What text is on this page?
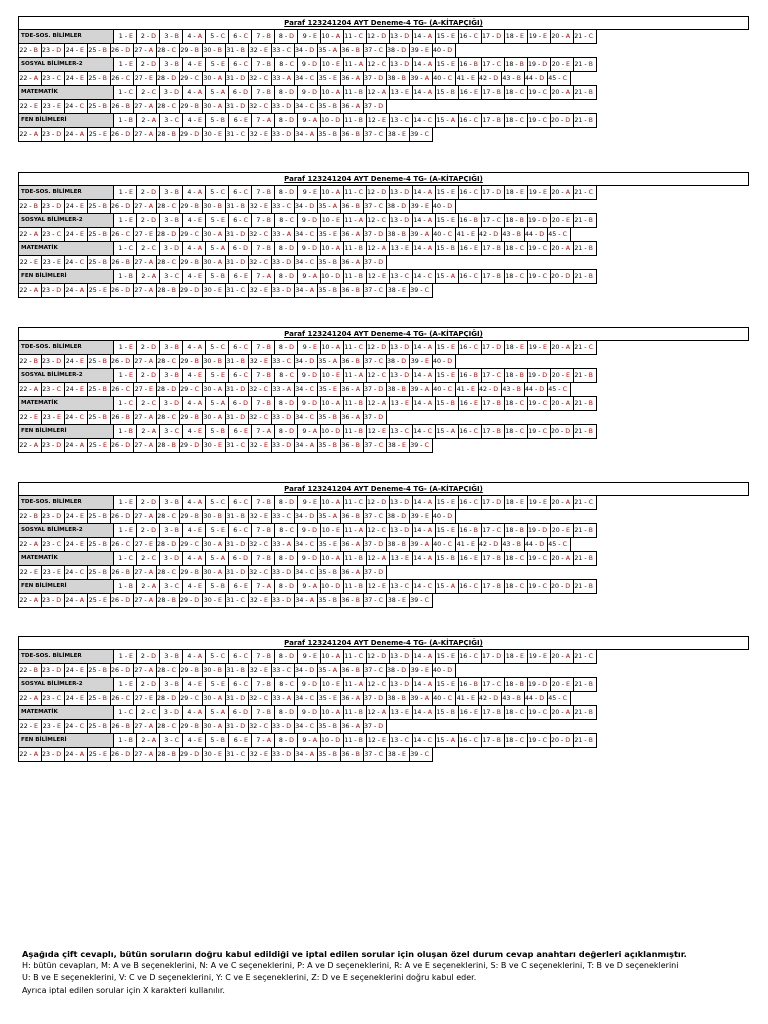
Paraf 123241204 AYT Deneme-4 TG- (A-KİTAPÇIĞI)
TDE-SOS. BİLİMLER	1 - E	2 - D	3 - B	4 - A	5 - C	6 - C	7 - B	8 - D	9 - E 10 - A 11 - C 12 - D 13 - D 14 - A 15 - E 16 - C 17 - D 18 - E 19 - E 20 - A 21 - C
22 - B 23 - D 24 - E 25 - B 26 - D 27 - A 28 - C 29 - B 30 - B 31 - B 32 - E 33 - C 34 - D 35 - A 36 - B 37 - C 38 - D 39 - E 40 - D
SOSYAL BİLİMLER-2	1 - E	2 - D	3 - B	4 - E	5 - E	6 - C	7 - B	8 - C	9 - D 10 - E 11 - A 12 - C 13 - D 14 - A 15 - E 16 - B 17 - C 18 - B 19 - D 20 - E 21 - B
22 - A 23 - C 24 - E 25 - B 26 - C 27 - E 28 - D 29 - C 30 - A 31 - D 32 - C 33 - A 34 - C 35 - E 36 - A 37 - D 38 - B 39 - A 40 - C 41 - E 42 - D 43 - B 44 - D 45 - C
MATEMATİK	1 - C	2 - C	3 - D	4 - A	5 - A	6 - D	7 - B	8 - D	9 - D 10 - A 11 - B 12 - A 13 - E 14 - A 15 - B 16 - E 17 - B 18 - C 19 - C 20 - A 21 - B
22 - E 23 - E 24 - C 25 - B 26 - B 27 - A 28 - C 29 - B 30 - A 31 - D 32 - C 33 - D 34 - C 35 - B 36 - A 37 - D
FEN BİLİMLERİ	1 - B	2 - A	3 - C	4 - E	5 - B	6 - E	7 - A	8 - D	9 - A 10 - D 11 - B 12 - E 13 - C 14 - C 15 - A 16 - C 17 - B 18 - C 19 - C 20 - D 21 - B
22 - A 23 - D 24 - A 25 - E 26 - D 27 - A 28 - B 29 - D 30 - E 31 - C 32 - E 33 - D 34 - A 35 - B 36 - B 37 - C 38 - E 39 - C
Paraf 123241204 AYT Deneme-4 TG- (A-KİTAPÇIĞI)
TDE-SOS. BİLİMLER	1 - E	2 - D	3 - B	4 - A	5 - C	6 - C	7 - B	8 - D	9 - E 10 - A 11 - C 12 - D 13 - D 14 - A 15 - E 16 - C 17 - D 18 - E 19 - E 20 - A 21 - C
22 - B 23 - D 24 - E 25 - B 26 - D 27 - A 28 - C 29 - B 30 - B 31 - B 32 - E 33 - C 34 - D 35 - A 36 - B 37 - C 38 - D 39 - E 40 - D
SOSYAL BİLİMLER-2	1 - E	2 - D	3 - B	4 - E	5 - E	6 - C	7 - B	8 - C	9 - D 10 - E 11 - A 12 - C 13 - D 14 - A 15 - E 16 - B 17 - C 18 - B 19 - D 20 - E 21 - B
22 - A 23 - C 24 - E 25 - B 26 - C 27 - E 28 - D 29 - C 30 - A 31 - D 32 - C 33 - A 34 - C 35 - E 36 - A 37 - D 38 - B 39 - A 40 - C 41 - E 42 - D 43 - B 44 - D 45 - C
MATEMATİK	1 - C	2 - C	3 - D	4 - A	5 - A	6 - D	7 - B	8 - D	9 - D 10 - A 11 - B 12 - A 13 - E 14 - A 15 - B 16 - E 17 - B 18 - C 19 - C 20 - A 21 - B
22 - E 23 - E 24 - C 25 - B 26 - B 27 - A 28 - C 29 - B 30 - A 31 - D 32 - C 33 - D 34 - C 35 - B 36 - A 37 - D
FEN BİLİMLERİ	1 - B	2 - A	3 - C	4 - E	5 - B	6 - E	7 - A	8 - D	9 - A 10 - D 11 - B 12 - E 13 - C 14 - C 15 - A 16 - C 17 - B 18 - C 19 - C 20 - D 21 - B
22 - A 23 - D 24 - A 25 - E 26 - D 27 - A 28 - B 29 - D 30 - E 31 - C 32 - E 33 - D 34 - A 35 - B 36 - B 37 - C 38 - E 39 - C
Paraf 123241204 AYT Deneme-4 TG- (A-KİTAPÇIĞI)
TDE-SOS. BİLİMLER	1 - E	2 - D	3 - B	4 - A	5 - C	6 - C	7 - B	8 - D	9 - E 10 - A 11 - C 12 - D 13 - D 14 - A 15 - E 16 - C 17 - D 18 - E 19 - E 20 - A 21 - C
22 - B 23 - D 24 - E 25 - B 26 - D 27 - A 28 - C 29 - B 30 - B 31 - B 32 - E 33 - C 34 - D 35 - A 36 - B 37 - C 38 - D 39 - E 40 - D
SOSYAL BİLİMLER-2	1 - E	2 - D	3 - B	4 - E	5 - E	6 - C	7 - B	8 - C	9 - D 10 - E 11 - A 12 - C 13 - D 14 - A 15 - E 16 - B 17 - C 18 - B 19 - D 20 - E 21 - B
22 - A 23 - C 24 - E 25 - B 26 - C 27 - E 28 - D 29 - C 30 - A 31 - D 32 - C 33 - A 34 - C 35 - E 36 - A 37 - D 38 - B 39 - A 40 - C 41 - E 42 - D 43 - B 44 - D 45 - C
MATEMATİK	1 - C	2 - C	3 - D	4 - A	5 - A	6 - D	7 - B	8 - D	9 - D 10 - A 11 - B 12 - A 13 - E 14 - A 15 - B 16 - E 17 - B 18 - C 19 - C 20 - A 21 - B
22 - E 23 - E 24 - C 25 - B 26 - B 27 - A 28 - C 29 - B 30 - A 31 - D 32 - C 33 - D 34 - C 35 - B 36 - A 37 - D
FEN BİLİMLERİ	1 - B	2 - A	3 - C	4 - E	5 - B	6 - E	7 - A	8 - D	9 - A 10 - D 11 - B 12 - E 13 - C 14 - C 15 - A 16 - C 17 - B 18 - C 19 - C 20 - D 21 - B
22 - A 23 - D 24 - A 25 - E 26 - D 27 - A 28 - B 29 - D 30 - E 31 - C 32 - E 33 - D 34 - A 35 - B 36 - B 37 - C 38 - E 39 - C
Paraf 123241204 AYT Deneme-4 TG- (A-KİTAPÇIĞI)
TDE-SOS. BİLİMLER	1 - E	2 - D	3 - B	4 - A	5 - C	6 - C	7 - B	8 - D	9 - E 10 - A 11 - C 12 - D 13 - D 14 - A 15 - E 16 - C 17 - D 18 - E 19 - E 20 - A 21 - C
22 - B 23 - D 24 - E 25 - B 26 - D 27 - A 28 - C 29 - B 30 - B 31 - B 32 - E 33 - C 34 - D 35 - A 36 - B 37 - C 38 - D 39 - E 40 - D
SOSYAL BİLİMLER-2	1 - E	2 - D	3 - B	4 - E	5 - E	6 - C	7 - B	8 - C	9 - D 10 - E 11 - A 12 - C 13 - D 14 - A 15 - E 16 - B 17 - C 18 - B 19 - D 20 - E 21 - B
22 - A 23 - C 24 - E 25 - B 26 - C 27 - E 28 - D 29 - C 30 - A 31 - D 32 - C 33 - A 34 - C 35 - E 36 - A 37 - D 38 - B 39 - A 40 - C 41 - E 42 - D 43 - B 44 - D 45 - C
MATEMATİK	1 - C	2 - C	3 - D	4 - A	5 - A	6 - D	7 - B	8 - D	9 - D 10 - A 11 - B 12 - A 13 - E 14 - A 15 - B 16 - E 17 - B 18 - C 19 - C 20 - A 21 - B
22 - E 23 - E 24 - C 25 - B 26 - B 27 - A 28 - C 29 - B 30 - A 31 - D 32 - C 33 - D 34 - C 35 - B 36 - A 37 - D
FEN BİLİMLERİ	1 - B	2 - A	3 - C	4 - E	5 - B	6 - E	7 - A	8 - D	9 - A 10 - D 11 - B 12 - E 13 - C 14 - C 15 - A 16 - C 17 - B 18 - C 19 - C 20 - D 21 - B
22 - A 23 - D 24 - A 25 - E 26 - D 27 - A 28 - B 29 - D 30 - E 31 - C 32 - E 33 - D 34 - A 35 - B 36 - B 37 - C 38 - E 39 - C
Paraf 123241204 AYT Deneme-4 TG- (A-KİTAPÇIĞI)
TDE-SOS. BİLİMLER	1 - E	2 - D	3 - B	4 - A	5 - C	6 - C	7 - B	8 - D	9 - E 10 - A 11 - C 12 - D 13 - D 14 - A 15 - E 16 - C 17 - D 18 - E 19 - E 20 - A 21 - C
22 - B 23 - D 24 - E 25 - B 26 - D 27 - A 28 - C 29 - B 30 - B 31 - B 32 - E 33 - C 34 - D 35 - A 36 - B 37 - C 38 - D 39 - E 40 - D
SOSYAL BİLİMLER-2	1 - E	2 - D	3 - B	4 - E	5 - E	6 - C	7 - B	8 - C	9 - D 10 - E 11 - A 12 - C 13 - D 14 - A 15 - E 16 - B 17 - C 18 - B 19 - D 20 - E 21 - B
22 - A 23 - C 24 - E 25 - B 26 - C 27 - E 28 - D 29 - C 30 - A 31 - D 32 - C 33 - A 34 - C 35 - E 36 - A 37 - D 38 - B 39 - A 40 - C 41 - E 42 - D 43 - B 44 - D 45 - C
MATEMATİK	1 - C	2 - C	3 - D	4 - A	5 - A	6 - D	7 - B	8 - D	9 - D 10 - A 11 - B 12 - A 13 - E 14 - A 15 - B 16 - E 17 - B 18 - C 19 - C 20 - A 21 - B
22 - E 23 - E 24 - C 25 - B 26 - B 27 - A 28 - C 29 - B 30 - A 31 - D 32 - C 33 - D 34 - C 35 - B 36 - A 37 - D
FEN BİLİMLERİ	1 - B	2 - A	3 - C	4 - E	5 - B	6 - E	7 - A	8 - D	9 - A 10 - D 11 - B 12 - E 13 - C 14 - C 15 - A 16 - C 17 - B 18 - C 19 - C 20 - D 21 - B
22 - A 23 - D 24 - A 25 - E 26 - D 27 - A 28 - B 29 - D 30 - E 31 - C 32 - E 33 - D 34 - A 35 - B 36 - B 37 - C 38 - E 39 - C
Aşağıda çift cevaplı, bütün soruların doğru kabul edildiği ve iptal edilen sorular için oluşan özel durum cevap anahtarı değerleri açıklanmıştır.
H: bütün cevapları, M: A ve B seçeneklerini, N: A ve C seçeneklerini, P: A ve D seçeneklerini, R: A ve E seçeneklerini, S: B ve C seçeneklerini, T: B ve D seçeneklerini
U: B ve E seçeneklerini, V: C ve D seçeneklerini, Y: C ve E seçeneklerini, Z: D ve E seçeneklerini doğru kabul eder.
Ayrıca iptal edilen sorular için X karakteri kullanılır.
